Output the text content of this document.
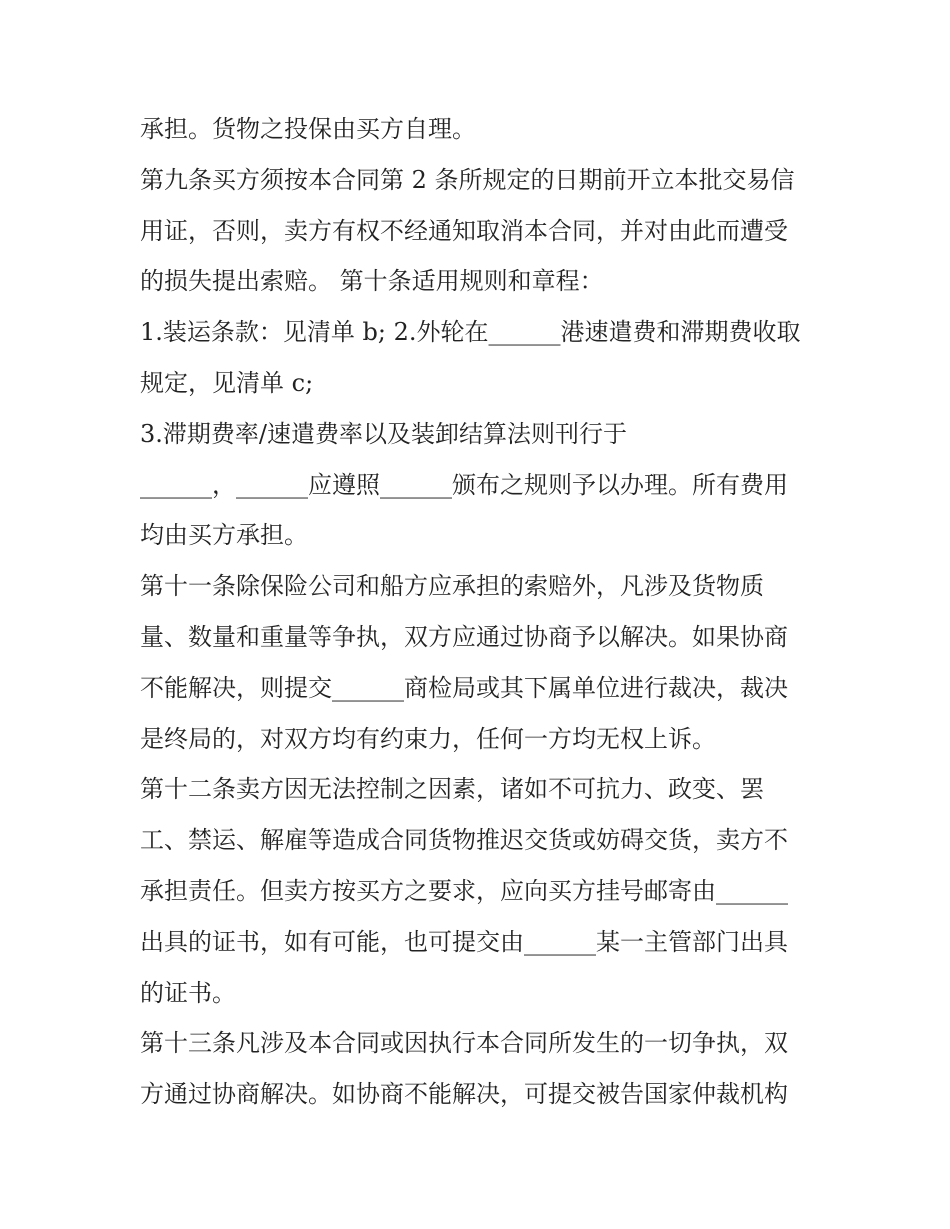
承担。货物之投保由买方自理。
第九条买方须按本合同第 2 条所规定的日期前开立本批交易信
用证，否则，卖方有权不经通知取消本合同，并对由此而遭受
的损失提出索赔。 第十条适用规则和章程：
1.装运条款：见清单 b; 2.外轮在______港速遣费和滞期费收取
规定，见清单 c;
3.滞期费率/速遣费率以及装卸结算法则刊行于
______，______应遵照______颁布之规则予以办理。所有费用
均由买方承担。
第十一条除保险公司和船方应承担的索赔外，凡涉及货物质
量、数量和重量等争执，双方应通过协商予以解决。如果协商
不能解决，则提交______商检局或其下属单位进行裁决，裁决
是终局的，对双方均有约束力，任何一方均无权上诉。
第十二条卖方因无法控制之因素，诸如不可抗力、政变、罢
工、禁运、解雇等造成合同货物推迟交货或妨碍交货，卖方不
承担责任。但卖方按买方之要求，应向买方挂号邮寄由______
出具的证书，如有可能，也可提交由______某一主管部门出具
的证书。
第十三条凡涉及本合同或因执行本合同所发生的一切争执，双
方通过协商解决。如协商不能解决，可提交被告国家仲裁机构
